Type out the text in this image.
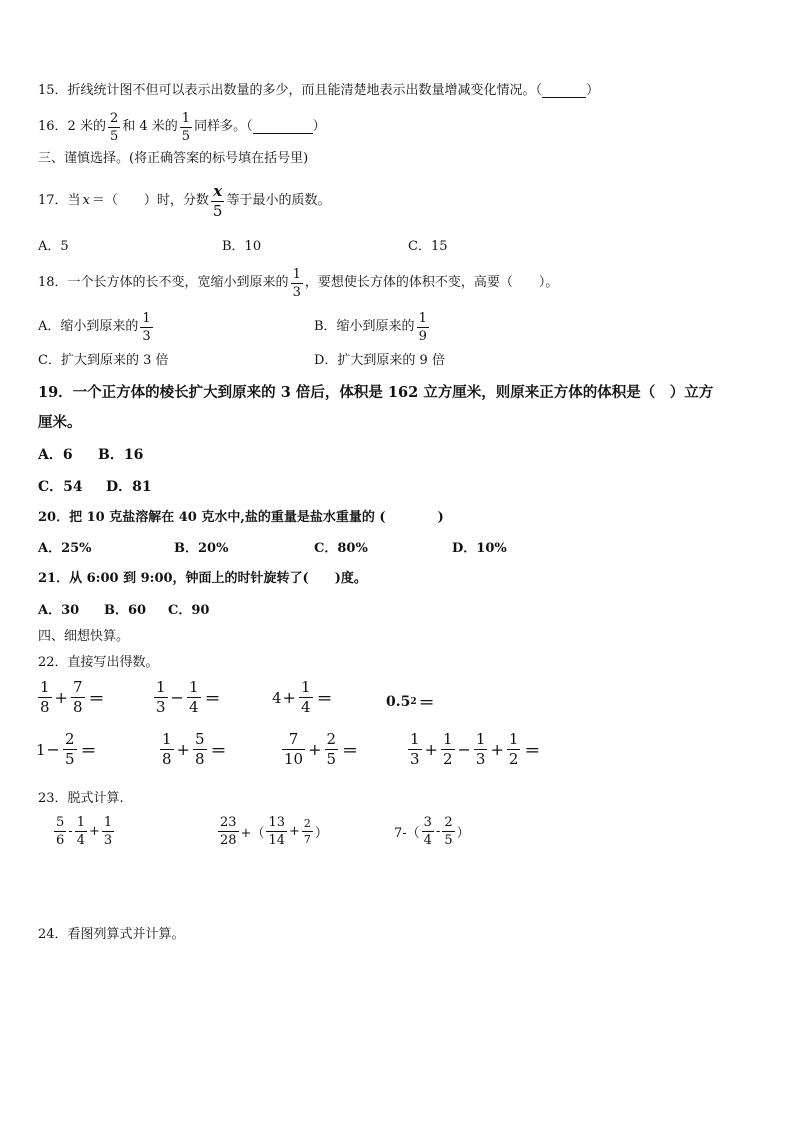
15． 折线统计图不但可以表示出数量的多少，而且能清楚地表示出数量增减变化情况。（	）
16． 2 米的 $\frac{2}{5}$ 和 4 米的 $\frac{1}{5}$ 同样多。（	）
三、谨慎选择。(将正确答案的标号填在括号里)
17． 当 x ＝（　　）时，分数 $\frac{x}{5}$ 等于最小的质数。
A．5	B．10	C．15
18． 一个长方体的长不变，宽缩小到原来的 $\frac{1}{3}$ ，要想使长方体的体积不变，高要（　　）。
A．缩小到原来的 $\frac{1}{3}$	B．缩小到原来的 $\frac{1}{9}$
C．扩大到原来的 3 倍	D．扩大到原来的 9 倍
19．一个正方体的棱长扩大到原来的 3 倍后，体积是 162 立方厘米，则原来正方体的体积是（　）立方
厘米。
A．6 B．16
C．54 D．81
20．把 10 克盐溶解在 40 克水中,盐的重量是盐水重量的 (　　　　)
A．25%	B．20%	C．80%	D．10%
21．从 6:00 到 9:00，钟面上的时针旋转了(　　)度。
A．30 B．60 C．90
四、细想快算。
22．直接写出得数。
$\frac{1}{8} + \frac{7}{8}$ ＝	$\frac{1}{3} - \frac{1}{4}$ ＝	$4 + \frac{1}{4}$ ＝	0.5 2 ＝
$1 - \frac{2}{5}$ ＝	$\frac{1}{8} + \frac{5}{8}$ ＝	$\frac{7}{10} + \frac{2}{5}$ ＝	$\frac{1}{3} + \frac{1}{2} - \frac{1}{3} + \frac{1}{2}$ ＝
23．脱式计算.
$\frac{5}{6} - \frac{1}{4} + \frac{1}{3}$	$\frac{23}{28}$ +（ $\frac{13}{14} + \frac{2}{7}$ ）	$7-( \frac{3}{4} - \frac{2}{5}$ ）
24．看图列算式并计算。
